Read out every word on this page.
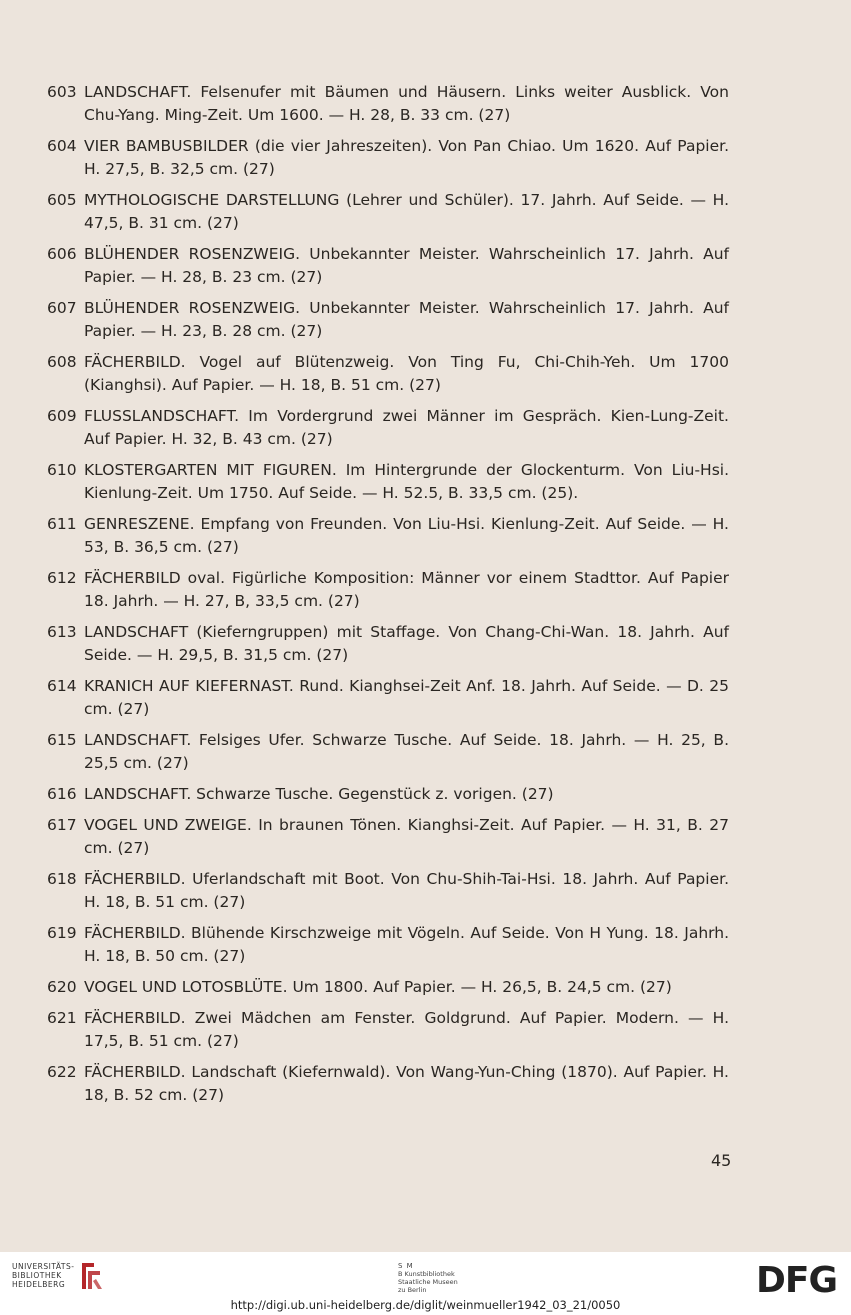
603 LANDSCHAFT. Felsenufer mit Bäumen und Häusern. Links weiter Ausblick. Von Chu-Yang. Ming-Zeit. Um 1600. — H. 28, B. 33 cm. (27)
604 VIER BAMBUSBILDER (die vier Jahreszeiten). Von Pan Chiao. Um 1620. Auf Papier. H. 27,5, B. 32,5 cm. (27)
605 MYTHOLOGISCHE DARSTELLUNG (Lehrer und Schüler). 17. Jahrh. Auf Seide. — H. 47,5, B. 31 cm. (27)
606 BLÜHENDER ROSENZWEIG. Unbekannter Meister. Wahrscheinlich 17. Jahrh. Auf Papier. — H. 28, B. 23 cm. (27)
607 BLÜHENDER ROSENZWEIG. Unbekannter Meister. Wahrscheinlich 17. Jahrh. Auf Papier. — H. 23, B. 28 cm. (27)
608 FÄCHERBILD. Vogel auf Blütenzweig. Von Ting Fu, Chi-Chih-Yeh. Um 1700 (Kianghsi). Auf Papier. — H. 18, B. 51 cm. (27)
609 FLUSSLANDSCHAFT. Im Vordergrund zwei Männer im Gespräch. Kien-Lung-Zeit. Auf Papier. H. 32, B. 43 cm. (27)
610 KLOSTERGARTEN MIT FIGUREN. Im Hintergrunde der Glockenturm. Von Liu-Hsi. Kienlung-Zeit. Um 1750. Auf Seide. — H. 52.5, B. 33,5 cm. (25).
611 GENRESZENE. Empfang von Freunden. Von Liu-Hsi. Kienlung-Zeit. Auf Seide. — H. 53, B. 36,5 cm. (27)
612 FÄCHERBILD oval. Figürliche Komposition: Männer vor einem Stadttor. Auf Papier 18. Jahrh. — H. 27, B, 33,5 cm. (27)
613 LANDSCHAFT (Kieferngruppen) mit Staffage. Von Chang-Chi-Wan. 18. Jahrh. Auf Seide. — H. 29,5, B. 31,5 cm. (27)
614 KRANICH AUF KIEFERNAST. Rund. Kianghsei-Zeit Anf. 18. Jahrh. Auf Seide. — D. 25 cm. (27)
615 LANDSCHAFT. Felsiges Ufer. Schwarze Tusche. Auf Seide. 18. Jahrh. — H. 25, B. 25,5 cm. (27)
616 LANDSCHAFT. Schwarze Tusche. Gegenstück z. vorigen. (27)
617 VOGEL UND ZWEIGE. In braunen Tönen. Kianghsi-Zeit. Auf Papier. — H. 31, B. 27 cm. (27)
618 FÄCHERBILD. Uferlandschaft mit Boot. Von Chu-Shih-Tai-Hsi. 18. Jahrh. Auf Papier. H. 18, B. 51 cm. (27)
619 FÄCHERBILD. Blühende Kirschzweige mit Vögeln. Auf Seide. Von H Yung. 18. Jahrh. H. 18, B. 50 cm. (27)
620 VOGEL UND LOTOSBLÜTE. Um 1800. Auf Papier. — H. 26,5, B. 24,5 cm. (27)
621 FÄCHERBILD. Zwei Mädchen am Fenster. Goldgrund. Auf Papier. Modern. — H. 17,5, B. 51 cm. (27)
622 FÄCHERBILD. Landschaft (Kiefernwald). Von Wang-Yun-Ching (1870). Auf Papier. H. 18, B. 52 cm. (27)
45
UNIVERSITÄTS-
BIBLIOTHEK
HEIDELBERG
S M
B Kunstbibliothek
Staatliche Museen
zu Berlin	DFG
http://digi.ub.uni-heidelberg.de/diglit/weinmueller1942_03_21/0050
